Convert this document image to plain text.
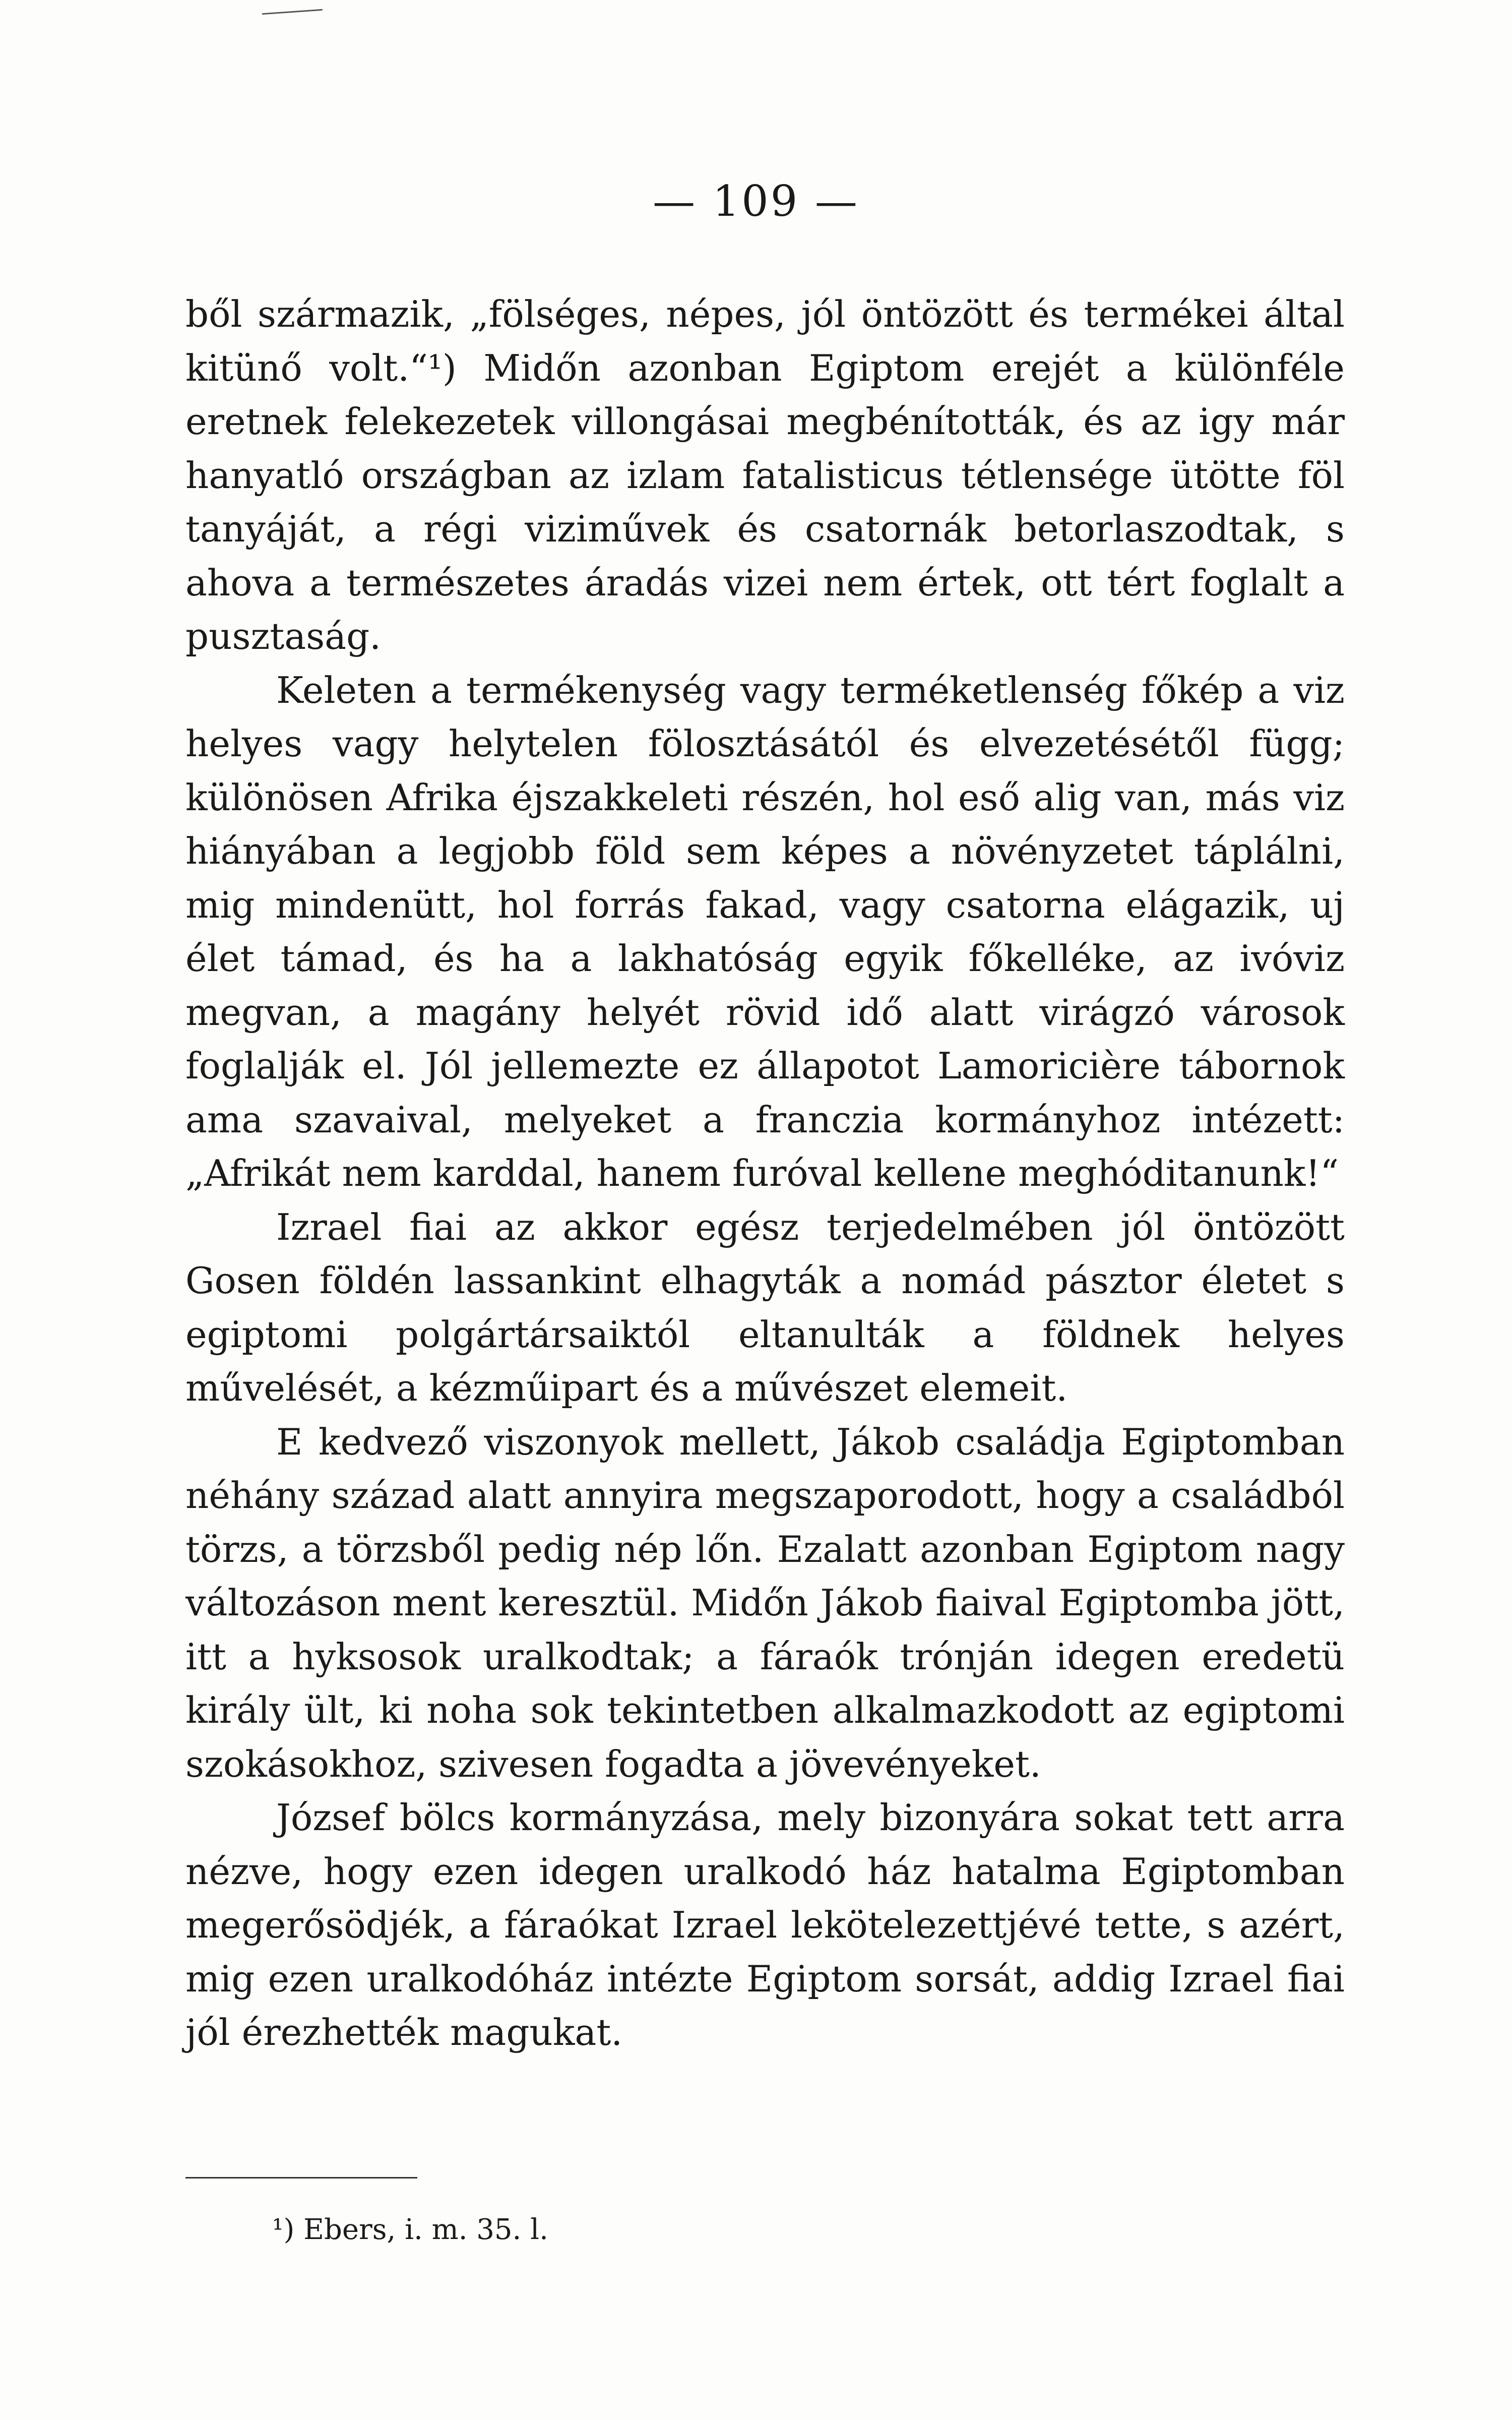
— 109 —

ből származik, „fölséges, népes, jól öntözött és termékei által kitünő volt.“¹) Midőn azonban Egiptom erejét a különféle eretnek felekezetek villongásai megbénították, és az igy már hanyatló országban az izlam fatalisticus tétlensége ütötte föl tanyáját, a régi viziművek és csatornák betorlaszodtak, s ahova a természetes áradás vizei nem értek, ott tért foglalt a pusztaság.

Keleten a termékenység vagy terméketlenség főkép a viz helyes vagy helytelen fölosztásától és elvezetésétől függ; különösen Afrika éjszakkeleti részén, hol eső alig van, más viz hiányában a legjobb föld sem képes a növényzetet táplálni, mig mindenütt, hol forrás fakad, vagy csatorna elágazik, uj élet támad, és ha a lakhatóság egyik főkelléke, az ivóviz megvan, a magány helyét rövid idő alatt virágzó városok foglalják el. Jól jellemezte ez állapotot Lamoricière tábornok ama szavaival, melyeket a franczia kormányhoz intézett: „Afrikát nem karddal, hanem furóval kellene meghóditanunk!“

Izrael fiai az akkor egész terjedelmében jól öntözött Gosen földén lassankint elhagyták a nomád pásztor életet s egiptomi polgártársaiktól eltanulták a földnek helyes művelését, a kézműipart és a művészet elemeit.

E kedvező viszonyok mellett, Jákob családja Egiptomban néhány század alatt annyira megszaporodott, hogy a családból törzs, a törzsből pedig nép lőn. Ezalatt azonban Egiptom nagy változáson ment keresztül. Midőn Jákob fiaival Egiptomba jött, itt a hyksosok uralkodtak; a fáraók trónján idegen eredetü király ült, ki noha sok tekintetben alkalmazkodott az egiptomi szokásokhoz, szivesen fogadta a jövevényeket.

József bölcs kormányzása, mely bizonyára sokat tett arra nézve, hogy ezen idegen uralkodó ház hatalma Egiptomban megerősödjék, a fáraókat Izrael lekötelezettjévé tette, s azért, mig ezen uralkodóház intézte Egiptom sorsát, addig Izrael fiai jól érezhették magukat.

¹) Ebers, i. m. 35. l.
